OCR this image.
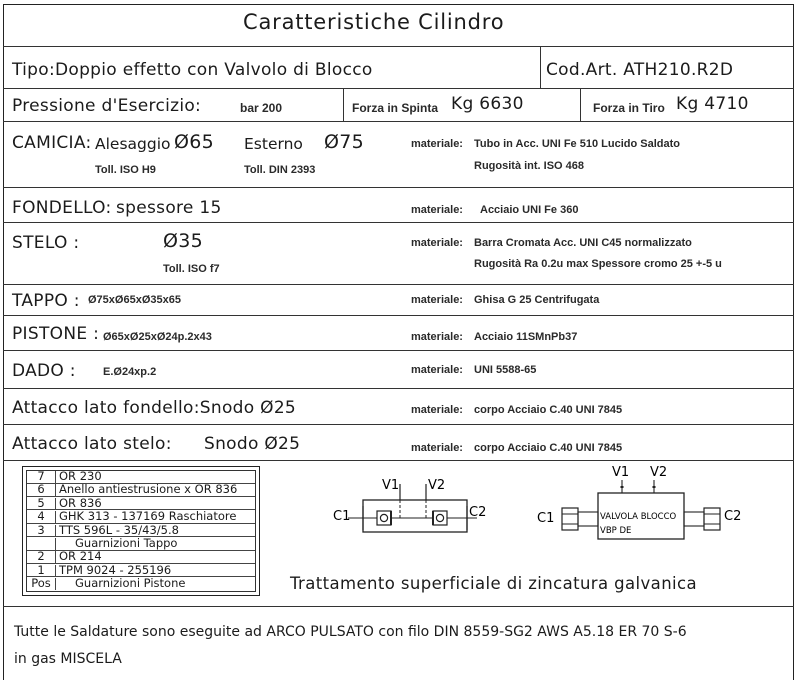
Caratteristiche Cilindro
Tipo:Doppio effetto con Valvolo di Blocco	Cod.Art. ATH210.R2D
Pressione d'Esercizio:	bar 200	Forza in Spinta Kg 6630	Forza in Tiro Kg 4710
CAMICIA: Alesaggio Ø65 Esterno Ø75
Toll. ISO H9	Toll. DIN 2393
materiale: Tubo in Acc. UNI Fe 510 Lucido Saldato
Rugosità int. ISO 468
FONDELLO: spessore 15	materiale: Acciaio UNI Fe 360
STELO :	Ø35
Toll. ISO f7
materiale: Barra Cromata Acc. UNI C45 normalizzato
Rugosità Ra 0.2u max Spessore cromo 25 +-5 u
TAPPO : Ø75xØ65xØ35x65	materiale: Ghisa G 25 Centrifugata
PISTONE : Ø65xØ25xØ24p.2x43	materiale: Acciaio 11SMnPb37
DADO : E.Ø24xp.2	materiale: UNI 5588-65
Attacco lato fondello:Snodo Ø25	materiale: corpo Acciaio C.40 UNI 7845
Attacco lato stelo: Snodo Ø25	materiale: corpo Acciaio C.40 UNI 7845
7	OR 230
6	Anello antiestrusione x OR 836
5	OR 836
4	GHK 313 - 137169 Raschiatore
3	TTS 596L - 35/43/5.8
Guarnizioni Tappo
2	OR 214
1	TPM 9024 - 255196
Pos	Guarnizioni Pistone
V1 V2
C1	C2
V1 V2
C1	C2
VALVOLA BLOCCO
VBP DE
Trattamento superficiale di zincatura galvanica
Tutte le Saldature sono eseguite ad ARCO PULSATO con filo DIN 8559-SG2 AWS A5.18 ER 70 S-6
in gas MISCELA
